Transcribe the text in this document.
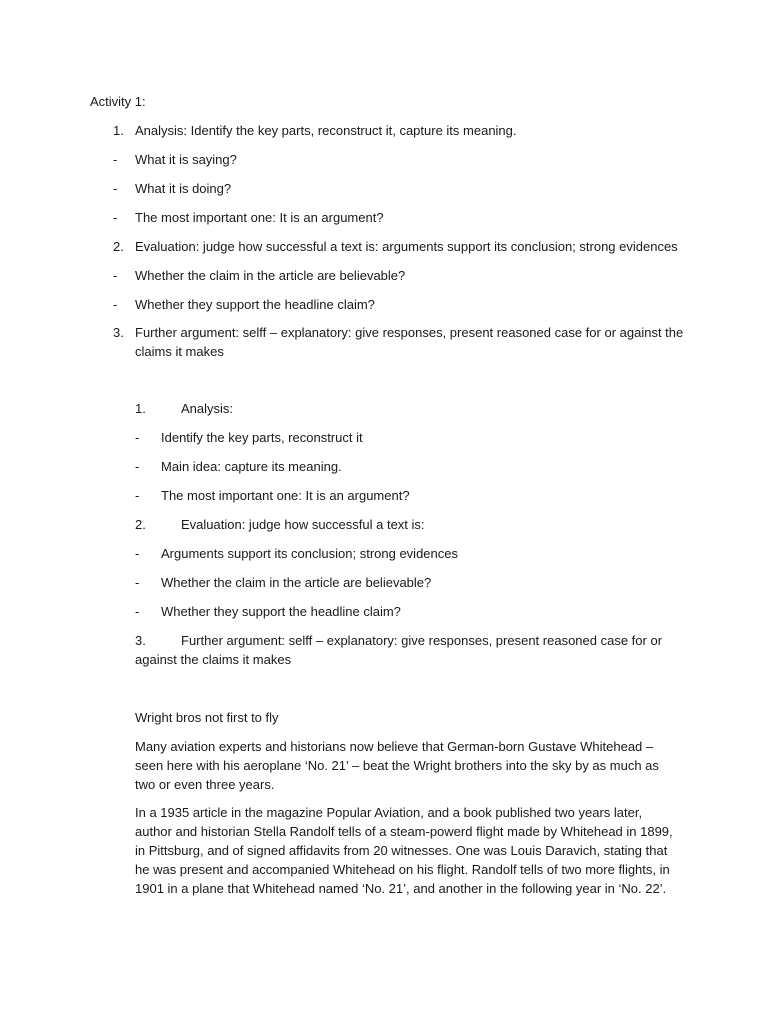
Activity 1:
1. Analysis: Identify the key parts, reconstruct it, capture its meaning.
- What it is saying?
- What it is doing?
- The most important one: It is an argument?
2. Evaluation: judge how successful a text is: arguments support its conclusion; strong evidences
- Whether the claim in the article are believable?
- Whether they support the headline claim?
3. Further argument: selff – explanatory: give responses, present reasoned case for or against the
claims it makes
1.	Analysis:
- Identify the key parts, reconstruct it
- Main idea: capture its meaning.
- The most important one: It is an argument?
2.	Evaluation: judge how successful a text is:
- Arguments support its conclusion; strong evidences
- Whether the claim in the article are believable?
- Whether they support the headline claim?
3.	Further argument: selff – explanatory: give responses, present reasoned case for or
against the claims it makes
Wright bros not first to fly
Many aviation experts and historians now believe that German-born Gustave Whitehead – seen here with his aeroplane ‘No. 21’ – beat the Wright brothers into the sky by as much as two or even three years.
In a 1935 article in the magazine Popular Aviation, and a book published two years later, author and historian Stella Randolf tells of a steam-powerd flight made by Whitehead in 1899, in Pittsburg, and of signed affidavits from 20 witnesses. One was Louis Daravich, stating that he was present and accompanied Whitehead on his flight. Randolf tells of two more flights, in 1901 in a plane that Whitehead named ‘No. 21’, and another in the following year in ‘No. 22’.
